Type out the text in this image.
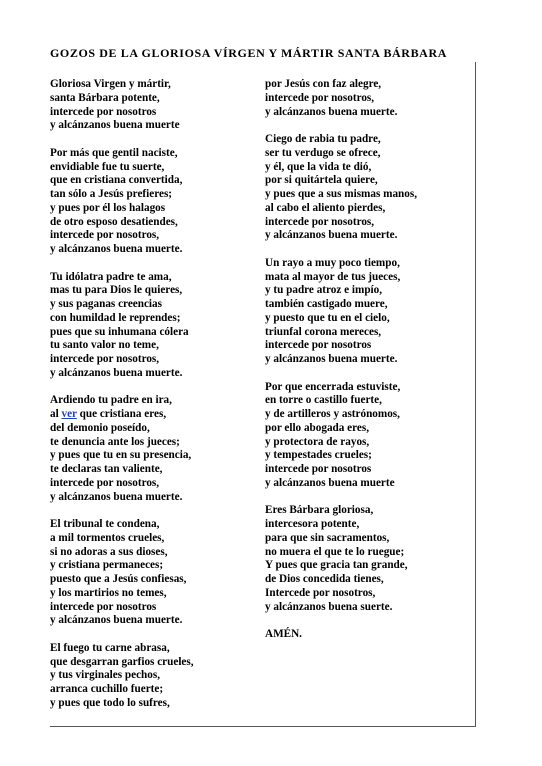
GOZOS DE LA GLORIOSA VÍRGEN Y MÁRTIR SANTA BÁRBARA
Gloriosa Virgen y mártir,
santa Bárbara potente,
intercede por nosotros
y alcánzanos buena muerte
Por más que gentil naciste,
envidiable fue tu suerte,
que en cristiana convertida,
tan sólo a Jesús prefieres;
y pues por él los halagos
de otro esposo desatiendes,
intercede por nosotros,
y alcánzanos buena muerte.
Tu idólatra padre te ama,
mas tu para Dios le quieres,
y sus paganas creencias
con humildad le reprendes;
pues que su inhumana cólera
tu santo valor no teme,
intercede por nosotros,
y alcánzanos buena muerte.
Ardiendo tu padre en ira,
al ver que cristiana eres,
del demonio poseído,
te denuncia ante los jueces;
y pues que tu en su presencia,
te declaras tan valiente,
intercede por nosotros,
y alcánzanos buena muerte.
El tribunal te condena,
a mil tormentos crueles,
si no adoras a sus dioses,
y cristiana permaneces;
puesto que a Jesús confiesas,
y los martirios no temes,
intercede por nosotros
y alcánzanos buena muerte.
El fuego tu carne abrasa,
que desgarran garfios crueles,
y tus virginales pechos,
arranca cuchillo fuerte;
y pues que todo lo sufres,
por Jesús con faz alegre,
intercede por nosotros,
y alcánzanos buena muerte.
Ciego de rabia tu padre,
ser tu verdugo se ofrece,
y él, que la vida te dió,
por si quitártela quiere,
y pues que a sus mismas manos,
al cabo el aliento pierdes,
intercede por nosotros,
y alcánzanos buena muerte.
Un rayo a muy poco tiempo,
mata al mayor de tus jueces,
y tu padre atroz e impío,
también castigado muere,
y puesto que tu en el cielo,
triunfal corona mereces,
intercede por nosotros
y alcánzanos buena muerte.
Por que encerrada estuviste,
en torre o castillo fuerte,
y de artilleros y astrónomos,
por ello abogada eres,
y protectora de rayos,
y tempestades crueles;
intercede por nosotros
y alcánzanos buena muerte
Eres Bárbara gloriosa,
intercesora potente,
para que sin sacramentos,
no muera el que te lo ruegue;
Y pues que gracia tan grande,
de Dios concedida tienes,
Intercede por nosotros,
y alcánzanos buena suerte.
AMÉN.
